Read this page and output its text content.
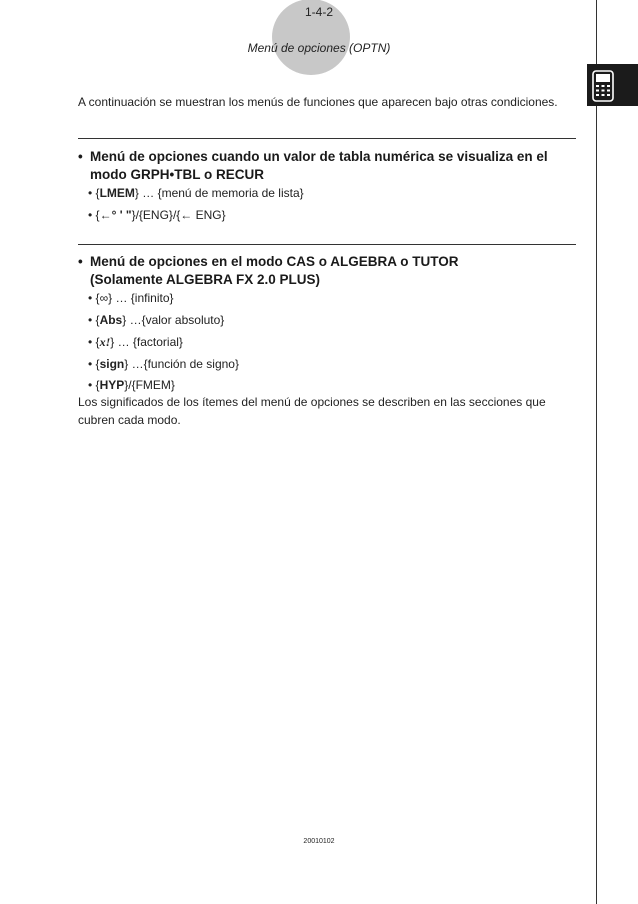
1-4-2
Menú de opciones (OPTN)
A continuación se muestran los menús de funciones que aparecen bajo otras condiciones.
• Menú de opciones cuando un valor de tabla numérica se visualiza en el
modo GRPH•TBL o RECUR
• {LMEM} … {menú de memoria de lista}
• {←° ' "}/{ENG}/{← ENG}
• Menú de opciones en el modo CAS o ALGEBRA o TUTOR
(Solamente ALGEBRA FX 2.0 PLUS)
• {∞} … {infinito}
• {Abs} …{valor absoluto}
• {x!} … {factorial}
• {sign} …{función de signo}
• {HYP}/{FMEM}
Los significados de los ítemes del menú de opciones se describen en las secciones que cubren cada modo.
20010102
